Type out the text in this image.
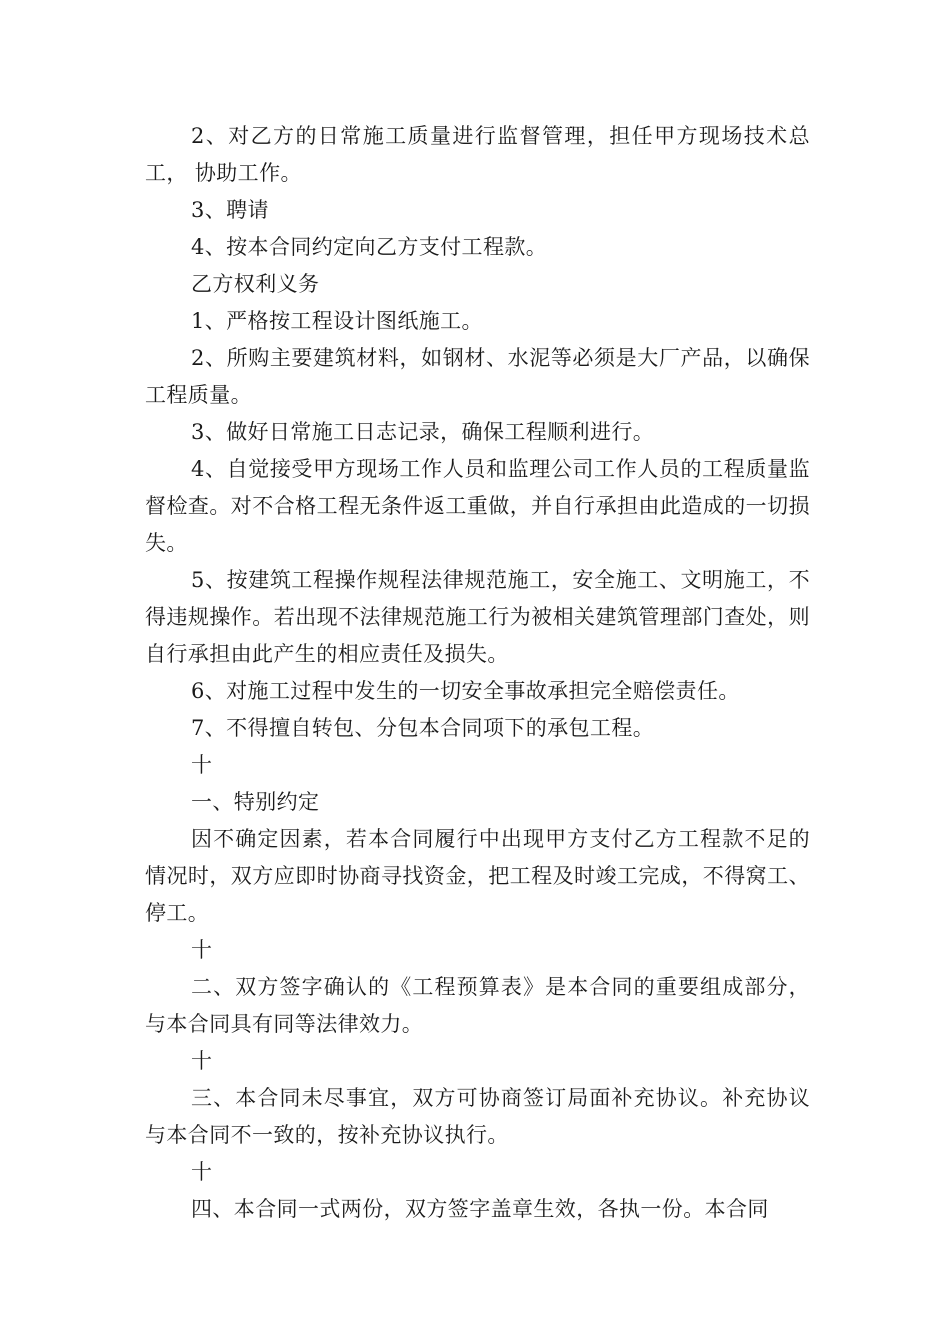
2、对乙方的日常施工质量进行监督管理，担任甲方现场技术总工， 协助工作。

3、聘请

4、按本合同约定向乙方支付工程款。

乙方权利义务

1、严格按工程设计图纸施工。

2、所购主要建筑材料，如钢材、水泥等必须是大厂产品，以确保工程质量。

3、做好日常施工日志记录，确保工程顺利进行。

4、自觉接受甲方现场工作人员和监理公司工作人员的工程质量监督检查。对不合格工程无条件返工重做，并自行承担由此造成的一切损失。

5、按建筑工程操作规程法律规范施工，安全施工、文明施工，不得违规操作。若出现不法律规范施工行为被相关建筑管理部门查处，则自行承担由此产生的相应责任及损失。

6、对施工过程中发生的一切安全事故承担完全赔偿责任。

7、不得擅自转包、分包本合同项下的承包工程。

十

一、特别约定

因不确定因素，若本合同履行中出现甲方支付乙方工程款不足的情况时，双方应即时协商寻找资金，把工程及时竣工完成，不得窝工、停工。

十

二、双方签字确认的《工程预算表》是本合同的重要组成部分，与本合同具有同等法律效力。

十

三、本合同未尽事宜，双方可协商签订局面补充协议。补充协议与本合同不一致的，按补充协议执行。

十

四、本合同一式两份，双方签字盖章生效，各执一份。本合同
